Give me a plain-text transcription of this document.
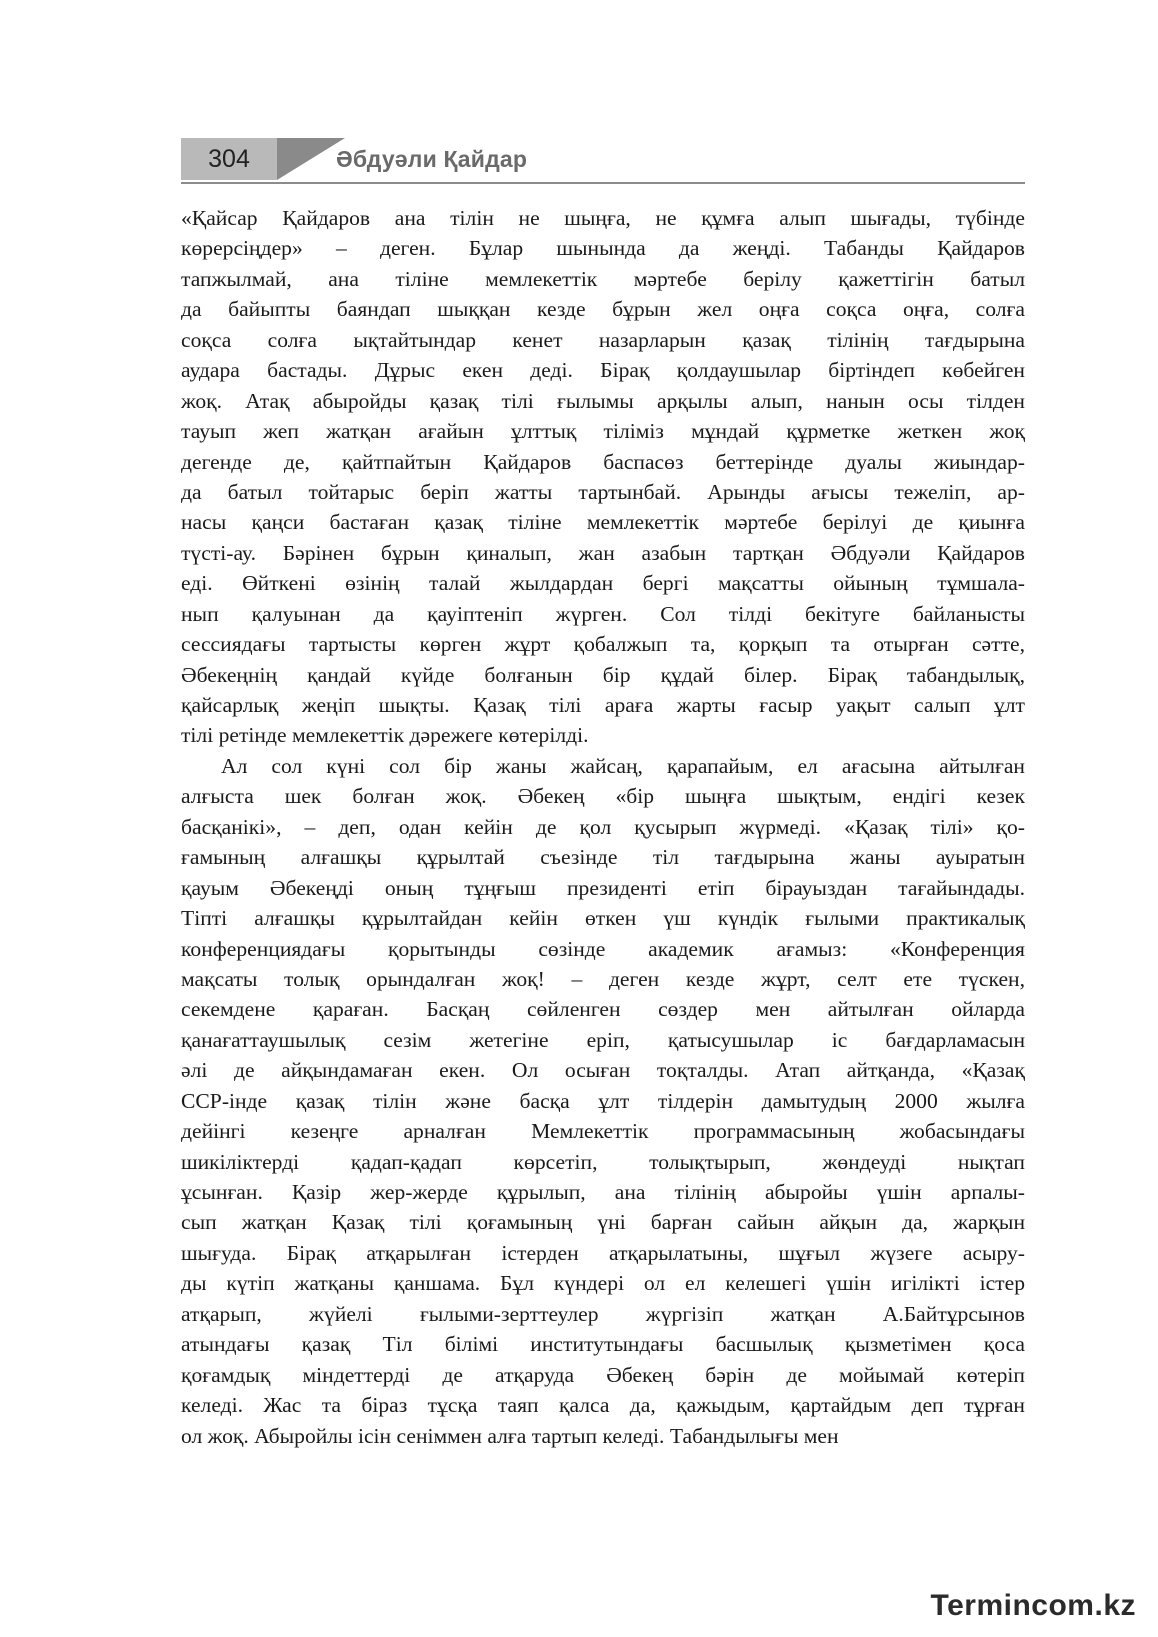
304	Әбдуәли Қайдар
«Қайсар Қайдаров ана тілін не шыңға, не құмға алып шығады, түбінде
көрерсіңдер» – деген. Бұлар шынында да жеңді. Табанды Қайдаров
тапжылмай, ана тіліне мемлекеттік мәртебе берілу қажеттігін батыл
да байыпты баяндап шыққан кезде бұрын жел оңға соқса оңға, солға
соқса солға ықтайтындар кенет назарларын қазақ тілінің тағдырына
аудара бастады. Дұрыс екен деді. Бірақ қолдаушылар біртіндеп көбейген
жоқ. Атақ абыройды қазақ тілі ғылымы арқылы алып, нанын осы тілден
тауып жеп жатқан ағайын ұлттық тіліміз мұндай құрметке жеткен жоқ
дегенде де, қайтпайтын Қайдаров баспасөз беттерінде дуалы жиындар-
да батыл тойтарыс беріп жатты тартынбай. Арынды ағысы тежеліп, ар-
насы қаңси бастаған қазақ тіліне мемлекеттік мәртебе берілуі де қиынға
түсті-ау. Бәрінен бұрын қиналып, жан азабын тартқан Әбдуәли Қайдаров
еді. Өйткені өзінің талай жылдардан бергі мақсатты ойының тұмшала-
нып қалуынан да қауіптеніп жүрген. Сол тілді бекітуге байланысты
сессиядағы тартысты көрген жұрт қобалжып та, қорқып та отырған сәтте,
Әбекеңнің қандай күйде болғанын бір құдай білер. Бірақ табандылық,
қайсарлық жеңіп шықты. Қазақ тілі араға жарты ғасыр уақыт салып ұлт
тілі ретінде мемлекеттік дәрежеге көтерілді.
Ал сол күні сол бір жаны жайсаң, қарапайым, ел ағасына айтылған
алғыста шек болған жоқ. Әбекең «бір шыңға шықтым, ендігі кезек
басқанікі», – деп, одан кейін де қол қусырып жүрмеді. «Қазақ тілі» қо-
ғамының алғашқы құрылтай съезінде тіл тағдырына жаны ауыратын
қауым Әбекеңді оның тұңғыш президенті етіп бірауыздан тағайындады.
Тіпті алғашқы құрылтайдан кейін өткен үш күндік ғылыми практикалық
конференциядағы қорытынды сөзінде академик ағамыз: «Конференция
мақсаты толық орындалған жоқ! – деген кезде жұрт, селт ете түскен,
секемдене қараған. Басқаң сөйленген сөздер мен айтылған ойларда
қанағаттаушылық сезім жетегіне еріп, қатысушылар іс бағдарламасын
әлі де айқындамаған екен. Ол осыған тоқталды. Атап айтқанда, «Қазақ
ССР-інде қазақ тілін және басқа ұлт тілдерін дамытудың 2000 жылға
дейінгі кезеңге арналған Мемлекеттік программасының жобасындағы
шикіліктерді қадап-қадап көрсетіп, толықтырып, жөндеуді нықтап
ұсынған. Қазір жер-жерде құрылып, ана тілінің абыройы үшін арпалы-
сып жатқан Қазақ тілі қоғамының үні барған сайын айқын да, жарқын
шығуда. Бірақ атқарылған істерден атқарылатыны, шұғыл жүзеге асыру-
ды күтіп жатқаны қаншама. Бұл күндері ол ел келешегі үшін игілікті істер
атқарып, жүйелі ғылыми-зерттеулер жүргізіп жатқан А.Байтұрсынов
атындағы қазақ Тіл білімі институтындағы басшылық қызметімен қоса
қоғамдық міндеттерді де атқаруда Әбекең бәрін де мойымай көтеріп
келеді. Жас та біраз тұсқа таяп қалса да, қажыдым, қартайдым деп тұрған
ол жоқ. Абыройлы ісін сеніммен алға тартып келеді. Табандылығы мен
Termincom.kz
